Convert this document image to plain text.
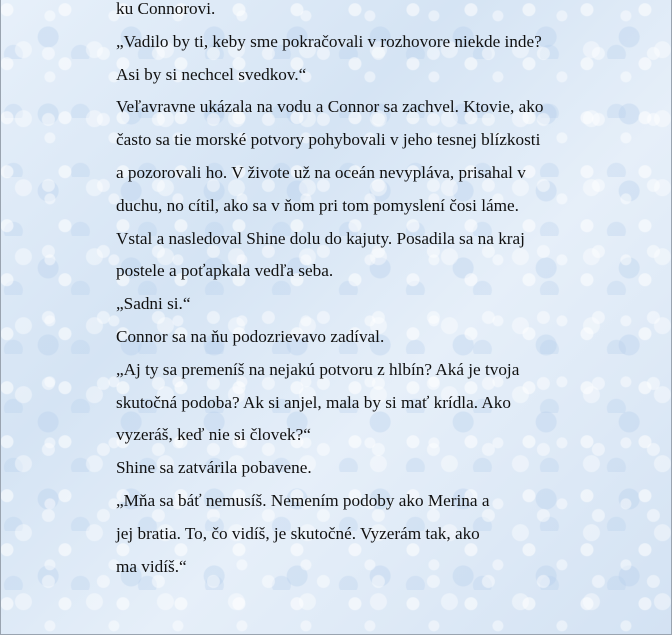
ku Connorovi.
„Vadilo by ti, keby sme pokračovali v rozhovore niekde inde?
Asi by si nechcel svedkov.“
Veľavravne ukázala na vodu a Connor sa zachvel. Ktovie, ako
často sa tie morské potvory pohybovali v jeho tesnej blízkosti
a pozorovali ho. V živote už na oceán nevypláva, prisahal v
duchu, no cítil, ako sa v ňom pri tom pomyslení čosi láme.
Vstal a nasledoval Shine dolu do kajuty. Posadila sa na kraj
postele a poťapkala vedľa seba.
„Sadni si.“
Connor sa na ňu podozrievavo zadíval.
„Aj ty sa premeníš na nejakú potvoru z hlbín? Aká je tvoja
skutočná podoba? Ak si anjel, mala by si mať krídla. Ako
vyzeráš, keď nie si človek?“
Shine sa zatvárila pobavene.
„Mňa sa báť nemusíš. Nemením podoby ako Merina a
jej bratia. To, čo vidíš, je skutočné. Vyzerám tak, ako
ma vidíš.“
